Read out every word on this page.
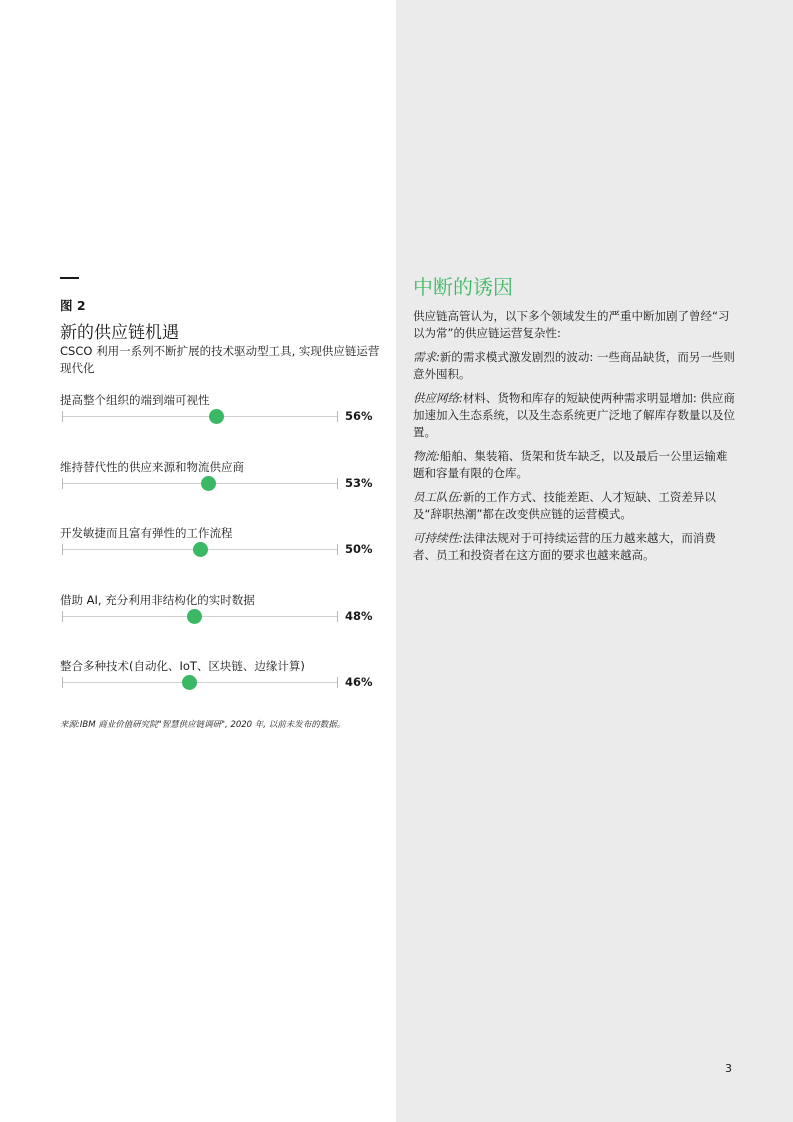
图 2
新的供应链机遇
CSCO 利用一系列不断扩展的技术驱动型工具, 实现供应链运营现代化
提高整个组织的端到端可视性
56%
维持替代性的供应来源和物流供应商
53%
开发敏捷而且富有弹性的工作流程
50%
借助 AI, 充分利用非结构化的实时数据
48%
整合多种技术(自动化、IoT、区块链、边缘计算)
46%
来源:IBM 商业价值研究院"智慧供应链调研", 2020 年, 以前未发布的数据。
中断的诱因

供应链高管认为，以下多个领域发生的严重中断加剧了曾经“习以为常”的供应链运营复杂性:

需求:新的需求模式激发剧烈的波动: 一些商品缺货，而另一些则意外囤积。

供应网络:材料、货物和库存的短缺使两种需求明显增加: 供应商加速加入生态系统，以及生态系统更广泛地了解库存数量以及位置。

物流:船舶、集装箱、货架和货车缺乏，以及最后一公里运输难题和容量有限的仓库。

员工队伍:新的工作方式、技能差距、人才短缺、工资差异以及“辞职热潮”都在改变供应链的运营模式。

可持续性:法律法规对于可持续运营的压力越来越大，而消费者、员工和投资者在这方面的要求也越来越高。

3
